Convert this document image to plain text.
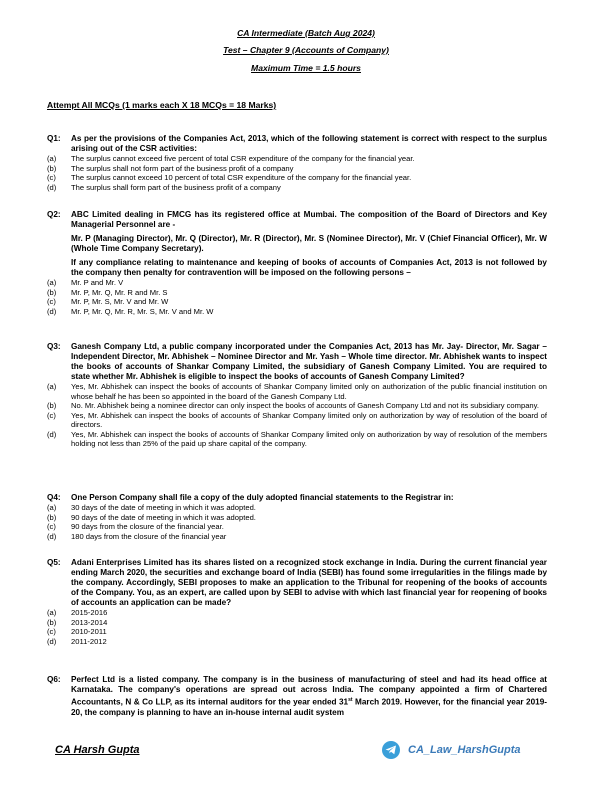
CA Intermediate (Batch Aug 2024)
Test – Chapter 9 (Accounts of Company)
Maximum Time = 1.5 hours
Attempt All MCQs (1 marks each X 18 MCQs = 18 Marks)
Q1:	As per the provisions of the Companies Act, 2013, which of the following statement is correct with respect to the surplus arising out of the CSR activities:
(a)	The surplus cannot exceed five percent of total CSR expenditure of the company for the financial year.
(b)	The surplus shall not form part of the business profit of a company
(c)	The surplus cannot exceed 10 percent of total CSR expenditure of the company for the financial year.
(d)	The surplus shall form part of the business profit of a company
Q2:	ABC Limited dealing in FMCG has its registered office at Mumbai. The composition of the Board of Directors and Key Managerial Personnel are -
Mr. P (Managing Director), Mr. Q (Director), Mr. R (Director), Mr. S (Nominee Director), Mr. V (Chief Financial Officer), Mr. W (Whole Time Company Secretary).
If any compliance relating to maintenance and keeping of books of accounts of Companies Act, 2013 is not followed by the company then penalty for contravention will be imposed on the following persons –
(a)	Mr. P and Mr. V
(b)	Mr. P, Mr. Q, Mr. R and Mr. S
(c)	Mr. P, Mr. S, Mr. V and Mr. W
(d)	Mr. P, Mr. Q, Mr. R, Mr. S, Mr. V and Mr. W
Q3:	Ganesh Company Ltd, a public company incorporated under the Companies Act, 2013 has Mr. Jay- Director, Mr. Sagar – Independent Director, Mr. Abhishek – Nominee Director and Mr. Yash – Whole time director. Mr. Abhishek wants to inspect the books of accounts of Shankar Company Limited, the subsidiary of Ganesh Company Limited. You are required to state whether Mr. Abhishek is eligible to inspect the books of accounts of Ganesh Company Limited?
(a)	Yes, Mr. Abhishek can inspect the books of accounts of Shankar Company limited only on authorization of the public financial institution on whose behalf he has been so appointed in the board of the Ganesh Company Ltd.
(b)	No. Mr. Abhishek being a nominee director can only inspect the books of accounts of Ganesh Company Ltd and not its subsidiary company.
(c)	Yes, Mr. Abhishek can inspect the books of accounts of Shankar Company limited only on authorization by way of resolution of the board of directors.
(d)	Yes, Mr. Abhishek can inspect the books of accounts of Shankar Company limited only on authorization by way of resolution of the members holding not less than 25% of the paid up share capital of the company.
Q4:	One Person Company shall file a copy of the duly adopted financial statements to the Registrar in:
(a)	30 days of the date of meeting in which it was adopted.
(b)	90 days of the date of meeting in which it was adopted.
(c)	90 days from the closure of the financial year.
(d)	180 days from the closure of the financial year
Q5:	Adani Enterprises Limited has its shares listed on a recognized stock exchange in India. During the current financial year ending March 2020, the securities and exchange board of India (SEBI) has found some irregularities in the filings made by the company. Accordingly, SEBI proposes to make an application to the Tribunal for reopening of the books of accounts of the Company. You, as an expert, are called upon by SEBI to advise with which last financial year for reopening of books of accounts an application can be made?
(a)	2015-2016
(b)	2013-2014
(c)	2010-2011
(d)	2011-2012
Q6:	Perfect Ltd is a listed company. The company is in the business of manufacturing of steel and had its head office at Karnataka. The company's operations are spread out across India. The company appointed a firm of Chartered Accountants, N & Co LLP, as its internal auditors for the year ended 31st March 2019. However, for the financial year 2019-20, the company is planning to have an in-house internal audit system
CA Harsh Gupta	CA_Law_HarshGupta
